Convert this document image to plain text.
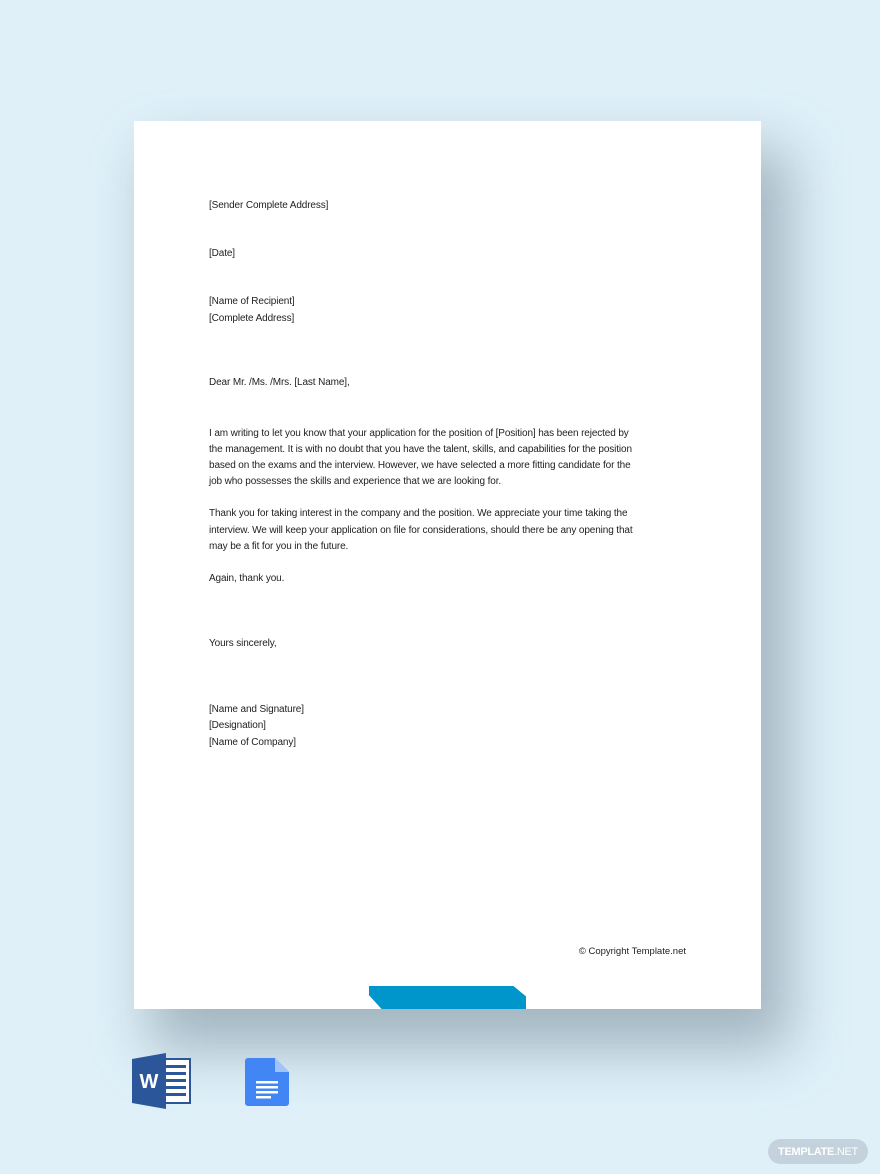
[Sender Complete Address]
[Date]
[Name of Recipient]
[Complete Address]
Dear Mr. /Ms. /Mrs. [Last Name],
I am writing to let you know that your application for the position of [Position] has been rejected by
the management. It is with no doubt that you have the talent, skills, and capabilities for the position
based on the exams and the interview. However, we have selected a more fitting candidate for the
job who possesses the skills and experience that we are looking for.
Thank you for taking interest in the company and the position. We appreciate your time taking the
interview. We will keep your application on file for considerations, should there be any opening that
may be a fit for you in the future.
Again, thank you.
Yours sincerely,
[Name and Signature]
[Designation]
[Name of Company]
© Copyright Template.net
W
TEMPLATE .NET
